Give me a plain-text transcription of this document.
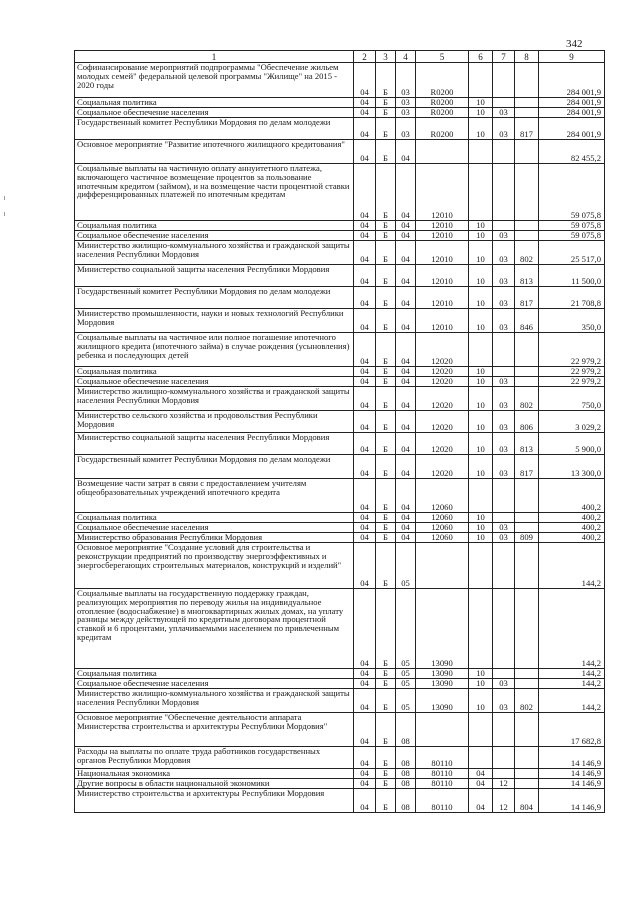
342
1	2	3	4	5	6	7	8	9
Софинансирование мероприятий подпрограммы "Обеспечение жильем молодых семей" федеральной целевой программы "Жилище" на 2015 - 2020 годы	04	Б	03	R0200				284 001,9
Социальная политика	04	Б	03	R0200	10			284 001,9
Социальное обеспечение населения	04	Б	03	R0200	10	03		284 001,9
Государственный комитет Республики Мордовия по делам молодежи	04	Б	03	R0200	10	03	817	284 001,9
Основное мероприятие "Развитие ипотечного жилищного кредитования"	04	Б	04					82 455,2
Социальные выплаты на частичную оплату аннуитетного платежа, включающего частичное возмещение процентов за пользование ипотечным кредитом (займом), и на возмещение части процентной ставки дифференцированных платежей по ипотечным кредитам	04	Б	04	12010				59 075,8
Социальная политика	04	Б	04	12010	10			59 075,8
Социальное обеспечение населения	04	Б	04	12010	10	03		59 075,8
Министерство жилищно-коммунального хозяйства и гражданской защиты населения Республики Мордовия	04	Б	04	12010	10	03	802	25 517,0
Министерство социальной защиты населения Республики Мордовия	04	Б	04	12010	10	03	813	11 500,0
Государственный комитет Республики Мордовия по делам молодежи	04	Б	04	12010	10	03	817	21 708,8
Министерство промышленности, науки и новых технологий Республики Мордовия	04	Б	04	12010	10	03	846	350,0
Социальные выплаты на частичное или полное погашение ипотечного жилищного кредита (ипотечного займа) в случае рождения (усыновления) ребенка и последующих детей	04	Б	04	12020				22 979,2
Социальная политика	04	Б	04	12020	10			22 979,2
Социальное обеспечение населения	04	Б	04	12020	10	03		22 979,2
Министерство жилищно-коммунального хозяйства и гражданской защиты населения Республики Мордовия	04	Б	04	12020	10	03	802	750,0
Министерство сельского хозяйства и продовольствия Республики Мордовия	04	Б	04	12020	10	03	806	3 029,2
Министерство социальной защиты населения Республики Мордовия	04	Б	04	12020	10	03	813	5 900,0
Государственный комитет Республики Мордовия по делам молодежи	04	Б	04	12020	10	03	817	13 300,0
Возмещение части затрат в связи с предоставлением учителям общеобразовательных учреждений ипотечного кредита	04	Б	04	12060				400,2
Социальная политика	04	Б	04	12060	10			400,2
Социальное обеспечение населения	04	Б	04	12060	10	03		400,2
Министерство образования Республики Мордовия	04	Б	04	12060	10	03	809	400,2
Основное мероприятие "Создание условий для строительства и реконструкции предприятий по производству энергоэффективных и энергосберегающих строительных материалов, конструкций и изделий"	04	Б	05					144,2
Социальные выплаты на государственную поддержку граждан, реализующих мероприятия по переводу жилья на индивидуальное отопление (водоснабжение) в многоквартирных жилых домах, на уплату разницы между действующей по кредитным договорам процентной ставкой и 6 процентами, уплачиваемыми населением по привлеченным кредитам	04	Б	05	13090				144,2
Социальная политика	04	Б	05	13090	10			144,2
Социальное обеспечение населения	04	Б	05	13090	10	03		144,2
Министерство жилищно-коммунального хозяйства и гражданской защиты населения Республики Мордовия	04	Б	05	13090	10	03	802	144,2
Основное мероприятие "Обеспечение деятельности аппарата Министерства строительства и архитектуры Республики Мордовия"	04	Б	08					17 682,8
Расходы на выплаты по оплате труда работников государственных органов Республики Мордовия	04	Б	08	80110				14 146,9
Национальная экономика	04	Б	08	80110	04			14 146,9
Другие вопросы в области национальной экономики	04	Б	08	80110	04	12		14 146,9
Министерство строительства и архитектуры Республики Мордовия	04	Б	08	80110	04	12	804	14 146,9
